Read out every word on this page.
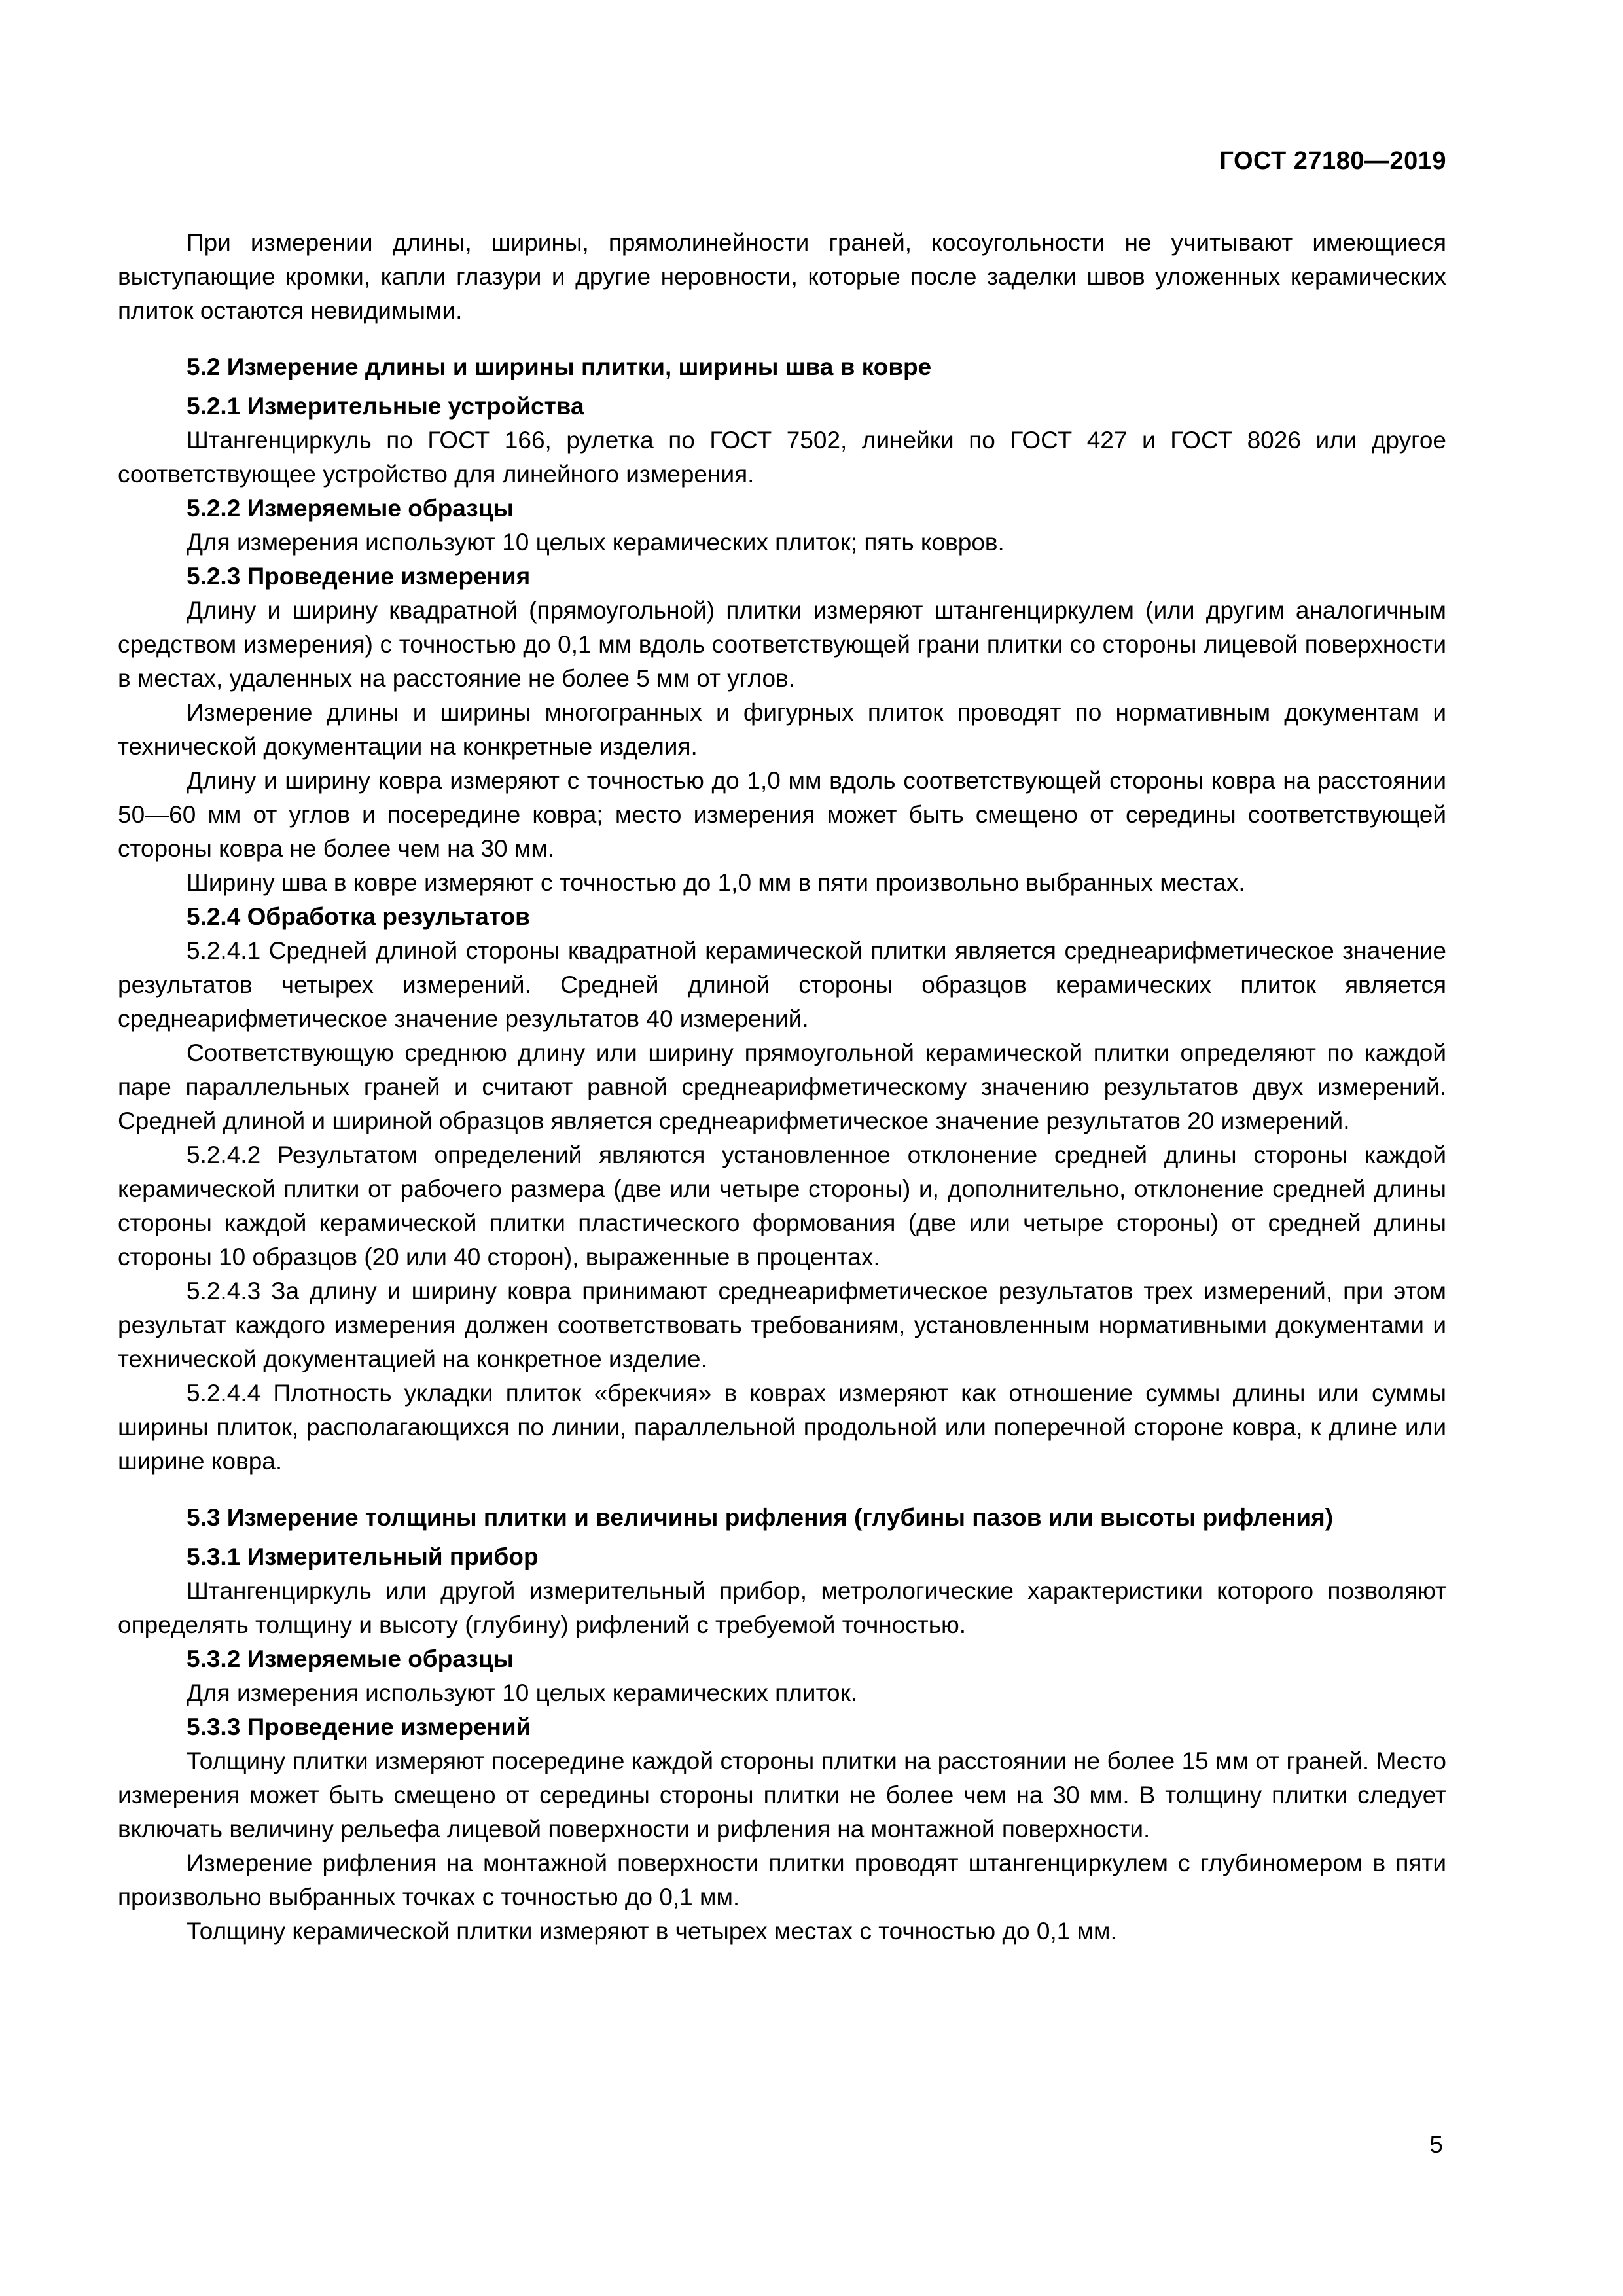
ГОСТ 27180—2019

При измерении длины, ширины, прямолинейности граней, косоугольности не учитывают имеющиеся выступающие кромки, капли глазури и другие неровности, которые после заделки швов уложенных керамических плиток остаются невидимыми.

5.2 Измерение длины и ширины плитки, ширины шва в ковре

5.2.1 Измерительные устройства

Штангенциркуль по ГОСТ 166, рулетка по ГОСТ 7502, линейки по ГОСТ 427 и ГОСТ 8026 или другое соответствующее устройство для линейного измерения.

5.2.2 Измеряемые образцы

Для измерения используют 10 целых керамических плиток; пять ковров.

5.2.3 Проведение измерения

Длину и ширину квадратной (прямоугольной) плитки измеряют штангенциркулем (или другим аналогичным средством измерения) с точностью до 0,1 мм вдоль соответствующей грани плитки со стороны лицевой поверхности в местах, удаленных на расстояние не более 5 мм от углов.

Измерение длины и ширины многогранных и фигурных плиток проводят по нормативным документам и технической документации на конкретные изделия.

Длину и ширину ковра измеряют с точностью до 1,0 мм вдоль соответствующей стороны ковра на расстоянии 50—60 мм от углов и посередине ковра; место измерения может быть смещено от середины соответствующей стороны ковра не более чем на 30 мм.

Ширину шва в ковре измеряют с точностью до 1,0 мм в пяти произвольно выбранных местах.

5.2.4 Обработка результатов

5.2.4.1 Средней длиной стороны квадратной керамической плитки является среднеарифметическое значение результатов четырех измерений. Средней длиной стороны образцов керамических плиток является среднеарифметическое значение результатов 40 измерений.

Соответствующую среднюю длину или ширину прямоугольной керамической плитки определяют по каждой паре параллельных граней и считают равной среднеарифметическому значению результатов двух измерений. Средней длиной и шириной образцов является среднеарифметическое значение результатов 20 измерений.

5.2.4.2 Результатом определений являются установленное отклонение средней длины стороны каждой керамической плитки от рабочего размера (две или четыре стороны) и, дополнительно, отклонение средней длины стороны каждой керамической плитки пластического формования (две или четыре стороны) от средней длины стороны 10 образцов (20 или 40 сторон), выраженные в процентах.

5.2.4.3 За длину и ширину ковра принимают среднеарифметическое результатов трех измерений, при этом результат каждого измерения должен соответствовать требованиям, установленным нормативными документами и технической документацией на конкретное изделие.

5.2.4.4 Плотность укладки плиток «брекчия» в коврах измеряют как отношение суммы длины или суммы ширины плиток, располагающихся по линии, параллельной продольной или поперечной стороне ковра, к длине или ширине ковра.

5.3 Измерение толщины плитки и величины рифления (глубины пазов или высоты рифления)

5.3.1 Измерительный прибор

Штангенциркуль или другой измерительный прибор, метрологические характеристики которого позволяют определять толщину и высоту (глубину) рифлений с требуемой точностью.

5.3.2 Измеряемые образцы

Для измерения используют 10 целых керамических плиток.

5.3.3 Проведение измерений

Толщину плитки измеряют посередине каждой стороны плитки на расстоянии не более 15 мм от граней. Место измерения может быть смещено от середины стороны плитки не более чем на 30 мм. В толщину плитки следует включать величину рельефа лицевой поверхности и рифления на монтажной поверхности.

Измерение рифления на монтажной поверхности плитки проводят штангенциркулем с глубиномером в пяти произвольно выбранных точках с точностью до 0,1 мм.

Толщину керамической плитки измеряют в четырех местах с точностью до 0,1 мм.

5
